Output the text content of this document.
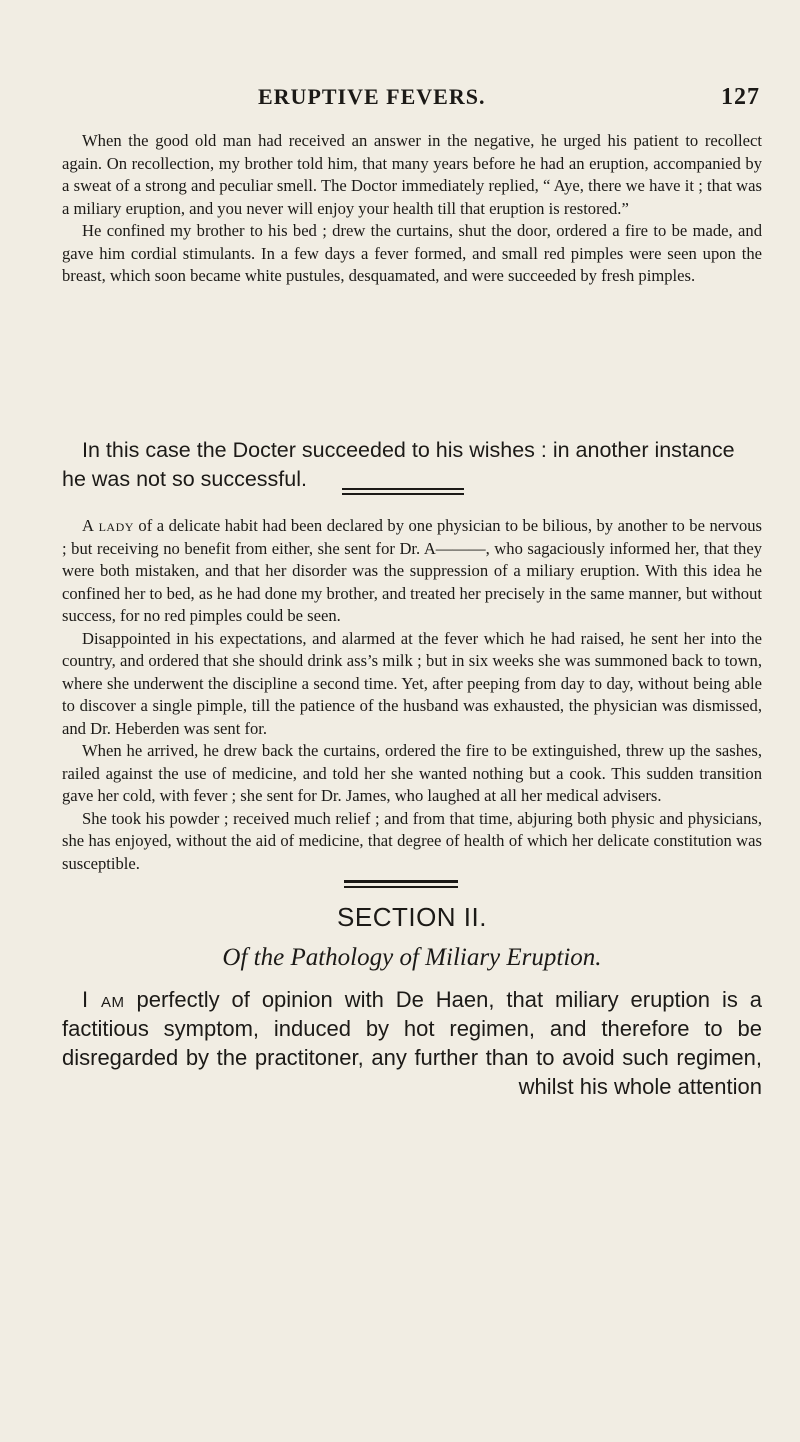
ERUPTIVE FEVERS.	127

When the good old man had received an answer in the negative, he urged his patient to recollect again. On recollection, my brother told him, that many years before he had an eruption, accompanied by a sweat of a strong and peculiar smell. The Doctor immediately replied, “ Aye, there we have it ; that was a miliary eruption, and you never will enjoy your health till that eruption is restored.”

He confined my brother to his bed ; drew the curtains, shut the door, ordered a fire to be made, and gave him cordial stimulants. In a few days a fever formed, and small red pimples were seen upon the breast, which soon became white pustules, desquamated, and were succeeded by fresh pimples.

In this case the Docter succeeded to his wishes : in another instance he was not so successful.

A lady of a delicate habit had been declared by one physician to be bilious, by another to be nervous ; but receiving no benefit from either, she sent for Dr. A———, who sagaciously informed her, that they were both mistaken, and that her disorder was the suppression of a miliary eruption. With this idea he confined her to bed, as he had done my brother, and treated her precisely in the same manner, but without success, for no red pimples could be seen.

Disappointed in his expectations, and alarmed at the fever which he had raised, he sent her into the country, and ordered that she should drink ass’s milk ; but in six weeks she was summoned back to town, where she underwent the discipline a second time. Yet, after peeping from day to day, without being able to discover a single pimple, till the patience of the husband was exhausted, the physician was dismissed, and Dr. Heberden was sent for.

When he arrived, he drew back the curtains, ordered the fire to be extinguished, threw up the sashes, railed against the use of medicine, and told her she wanted nothing but a cook. This sudden transition gave her cold, with fever ; she sent for Dr. James, who laughed at all her medical advisers.

She took his powder ; received much relief ; and from that time, abjuring both physic and physicians, she has enjoyed, without the aid of medicine, that degree of health of which her delicate constitution was susceptible.

SECTION II.
Of the Pathology of Miliary Eruption.

I am perfectly of opinion with De Haen, that miliary eruption is a factitious symptom, induced by hot regimen, and therefore to be disregarded by the practitoner, any further than to avoid such regimen, whilst his whole attention
